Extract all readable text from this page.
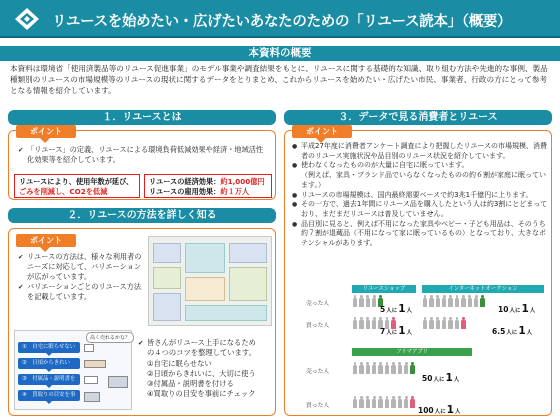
リユースを始めたい・広げたいあなたのための「リユース読本」（概要）
本資料の概要
本資料は環境省「使用済製品等のリユース促進事業」のモデル事業や調査結果をもとに、リユースに関する基礎的な知識、取り組む方法や先進的な事例、製品種類別のリユースの市場規模等のリユースの現状に関するデータをとりまとめ、これからリユースを始めたい・広げたい市民、事業者、行政の方にとって参考となる情報を紹介しています。
１．リユースとは
ポイント
✔ 「リユース」の定義、リユースによる環境負荷低減効果や経済・地域活性化効果等を紹介しています。
リユースにより、使用年数が延び、
ごみを削減し、CO2を低減
リユースの経済効果：約1,000億円
リユースの雇用効果：約１万人
２．リユースの方法を詳しく知る
ポイント
✔ リユースの方法は、様々な利用者のニーズに対応して、バリエーションが広がっています。
✔ バリエーションごとのリユース方法を記載しています。
高く売れるかな？
①　自宅に眠らせない
②　日頃からきれい
③　付属品・説明書を
④　買取りの目安を事前にチェック
✔ 皆さんがリユース上手になるため
の４つのコツを整理しています。
①自宅に眠らせない
②日頃からきれいに、大切に使う
③付属品・説明書を付ける
④買取りの目安を事前にチェック
３．データで見る消費者とリユース
ポイント
● 平成27年度に消費者アンケート調査により把握したリユースの市場規模、消費者のリユース実施状況や品目別のリユース状況を紹介しています。
● 使わなくなったもののが大量に自宅に眠っています。
（例えば、家具・ブランド品でいらなくなったものの約６割が家庭に眠っています。）
● リユースの市場規模は、国内最終需要ベースで約3兆1千億円に上ります。
● その一方で、過去1年間にリユース品を購入したという人は約3割にとどまっており、まだまだリユースは普及していません。
● 品目別に見ると、例えば不用になった家具やベビー・子ども用品は、そのうち約７割が退蔵品（不用になって家に眠っているもの）となっており、大きなポテンシャルがあります。
リユースショップ	インターネットオークション
フリマアプリ
売った人
買った人
売った人
買った人
5人に1人
7人に1人
10人に1人
6.5人に1人
50人に1人
100人に1人
